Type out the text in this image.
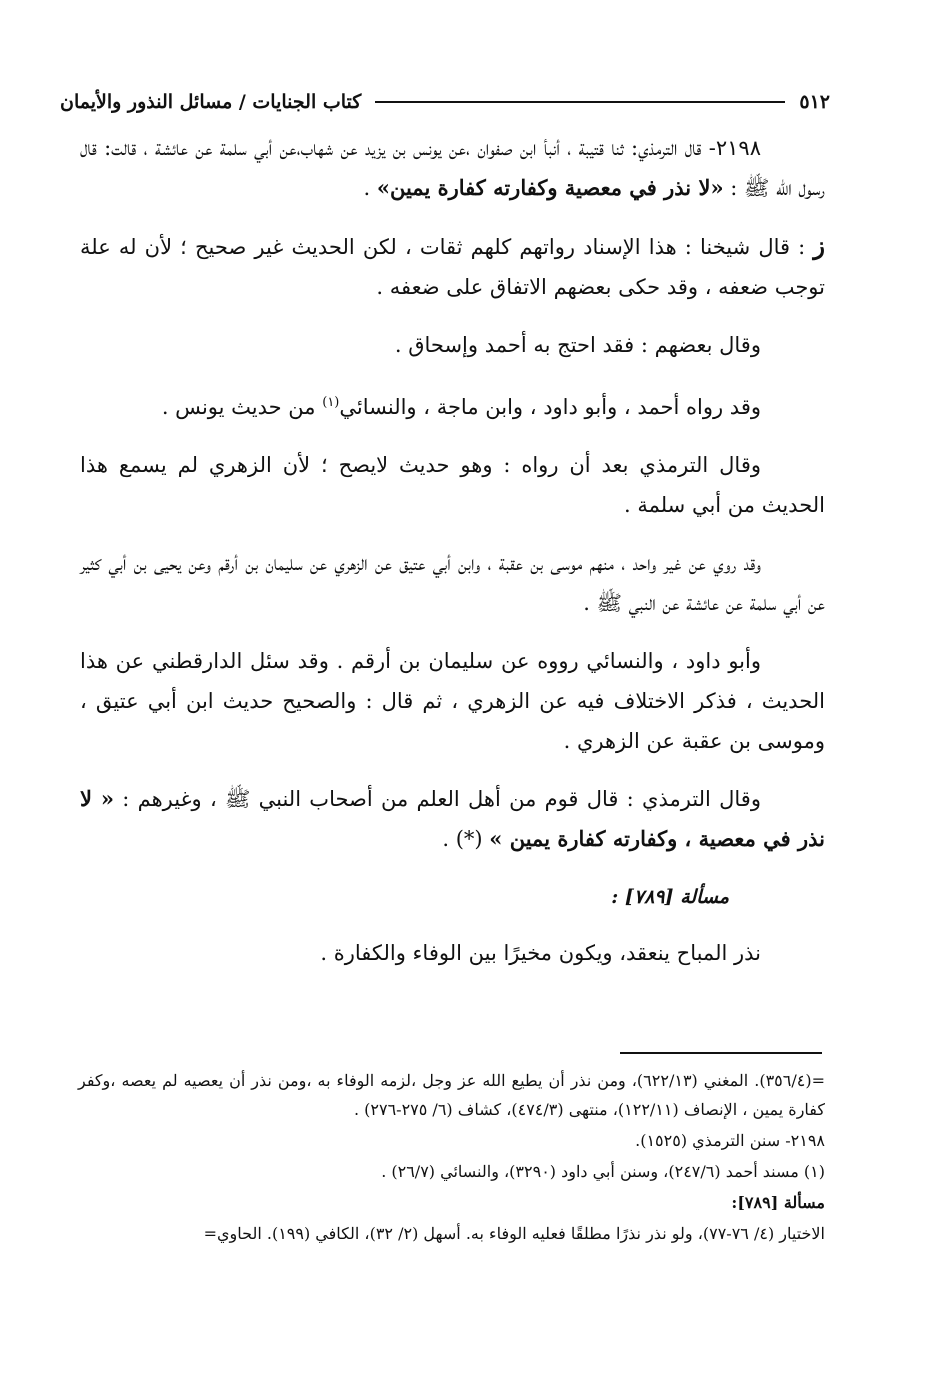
٥١٢
كتاب الجنايات / مسائل النذور والأيمان

٢١٩٨- قال الترمذي: ثنا قتيبة ، أنبأ ابن صفوان ،عن يونس بن يزيد عن شهاب،عن أبي سلمة عن عائشة ، قالت: قال رسول الله ﷺ : «لا نذر في معصية وكفارته كفارة يمين» .

ز : قال شيخنا : هذا الإسناد رواتهم كلهم ثقات ، لكن الحديث غير صحيح ؛ لأن له علة توجب ضعفه ، وقد حكى بعضهم الاتفاق على ضعفه .

وقال بعضهم : فقد احتج به أحمد وإسحاق .

وقد رواه أحمد ، وأبو داود ، وابن ماجة ، والنسائي$^{(١)}$ من حديث يونس .

وقال الترمذي بعد أن رواه : وهو حديث لايصح ؛ لأن الزهري لم يسمع هذا الحديث من أبي سلمة .

وقد روي عن غير واحد ، منهم موسى بن عقبة ، وابن أبي عتيق عن الزهري عن سليمان بن أرقم وعن يحيى بن أبي كثير عن أبي سلمة عن عائشة عن النبي ﷺ .

وأبو داود ، والنسائي رووه عن سليمان بن أرقم . وقد سئل الدارقطني عن هذا الحديث ، فذكر الاختلاف فيه عن الزهري ، ثم قال : والصحيح حديث ابن أبي عتيق ، وموسى بن عقبة عن الزهري .

وقال الترمذي : قال قوم من أهل العلم من أصحاب النبي ﷺ ، وغيرهم : « لا نذر في معصية ، وكفارته كفارة يمين » (*) .

مسألة [٧٨٩] :

نذر المباح ينعقد، ويكون مخيرًا بين الوفاء والكفارة .

=(٣٥٦/٤). المغني (٦٢٢/١٣)، ومن نذر أن يطيع الله عز وجل ،لزمه الوفاء به ،ومن نذر أن يعصيه لم يعصه ،وكفر كفارة يمين ، الإنصاف (١٢٢/١١)، منتهى (٤٧٤/٣)، كشاف (٦/ ٢٧٥-٢٧٦) .

٢١٩٨- سنن الترمذي (١٥٢٥).

(١) مسند أحمد (٢٤٧/٦)، وسنن أبي داود (٣٢٩٠)، والنسائي (٢٦/٧) .

مسألة [٧٨٩]:

الاختيار (٤/ ٧٦-٧٧)، ولو نذر نذرًا مطلقًا فعليه الوفاء به. أسهل (٢/ ٣٢)، الكافي (١٩٩). الحاوي=
